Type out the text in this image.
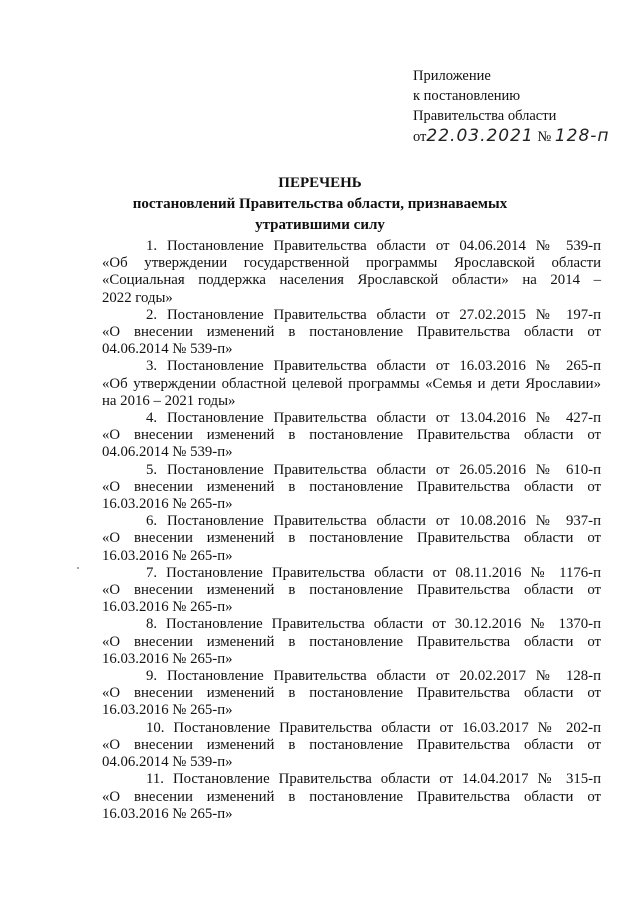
Приложение
к постановлению
Правительства области
от22.03.2021 № 128-п
ПЕРЕЧЕНЬ
постановлений Правительства области, признаваемых
утратившими силу
1. Постановление Правительства области от 04.06.2014 № 539-п
«Об утверждении государственной программы Ярославской области
«Социальная поддержка населения Ярославской области» на 2014 –
2022 годы»
2. Постановление Правительства области от 27.02.2015 № 197-п
«О внесении изменений в постановление Правительства области от
04.06.2014 № 539-п»
3. Постановление Правительства области от 16.03.2016 № 265-п
«Об утверждении областной целевой программы «Семья и дети Ярославии»
на 2016 – 2021 годы»
4. Постановление Правительства области от 13.04.2016 № 427-п
«О внесении изменений в постановление Правительства области от
04.06.2014 № 539-п»
5. Постановление Правительства области от 26.05.2016 № 610-п
«О внесении изменений в постановление Правительства области от
16.03.2016 № 265-п»
6. Постановление Правительства области от 10.08.2016 № 937-п
«О внесении изменений в постановление Правительства области от
16.03.2016 № 265-п»
7. Постановление Правительства области от 08.11.2016 № 1176-п
«О внесении изменений в постановление Правительства области от
16.03.2016 № 265-п»
8. Постановление Правительства области от 30.12.2016 № 1370-п
«О внесении изменений в постановление Правительства области от
16.03.2016 № 265-п»
9. Постановление Правительства области от 20.02.2017 № 128-п
«О внесении изменений в постановление Правительства области от
16.03.2016 № 265-п»
10. Постановление Правительства области от 16.03.2017 № 202-п
«О внесении изменений в постановление Правительства области от
04.06.2014 № 539-п»
11. Постановление Правительства области от 14.04.2017 № 315-п
«О внесении изменений в постановление Правительства области от
16.03.2016 № 265-п»
